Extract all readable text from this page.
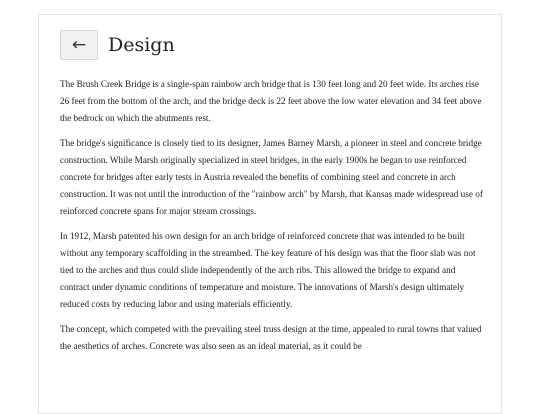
← Design

The Brush Creek Bridge is a single-span rainbow arch bridge that is 130 feet long and 20 feet wide. Its arches rise 26 feet from the bottom of the arch, and the bridge deck is 22 feet above the low water elevation and 34 feet above the bedrock on which the abutments rest.

The bridge's significance is closely tied to its designer, James Barney Marsh, a pioneer in steel and concrete bridge construction. While Marsh originally specialized in steel bridges, in the early 1900s he began to use reinforced concrete for bridges after early tests in Austria revealed the benefits of combining steel and concrete in arch construction. It was not until the introduction of the "rainbow arch" by Marsh, that Kansas made widespread use of reinforced concrete spans for major stream crossings.

In 1912, Marsh patented his own design for an arch bridge of reinforced concrete that was intended to be built without any temporary scaffolding in the streambed. The key feature of his design was that the floor slab was not tied to the arches and thus could slide independently of the arch ribs. This allowed the bridge to expand and contract under dynamic conditions of temperature and moisture. The innovations of Marsh's design ultimately reduced costs by reducing labor and using materials efficiently.

The concept, which competed with the prevailing steel truss design at the time, appealed to rural towns that valued the aesthetics of arches. Concrete was also seen as an ideal material, as it could be
